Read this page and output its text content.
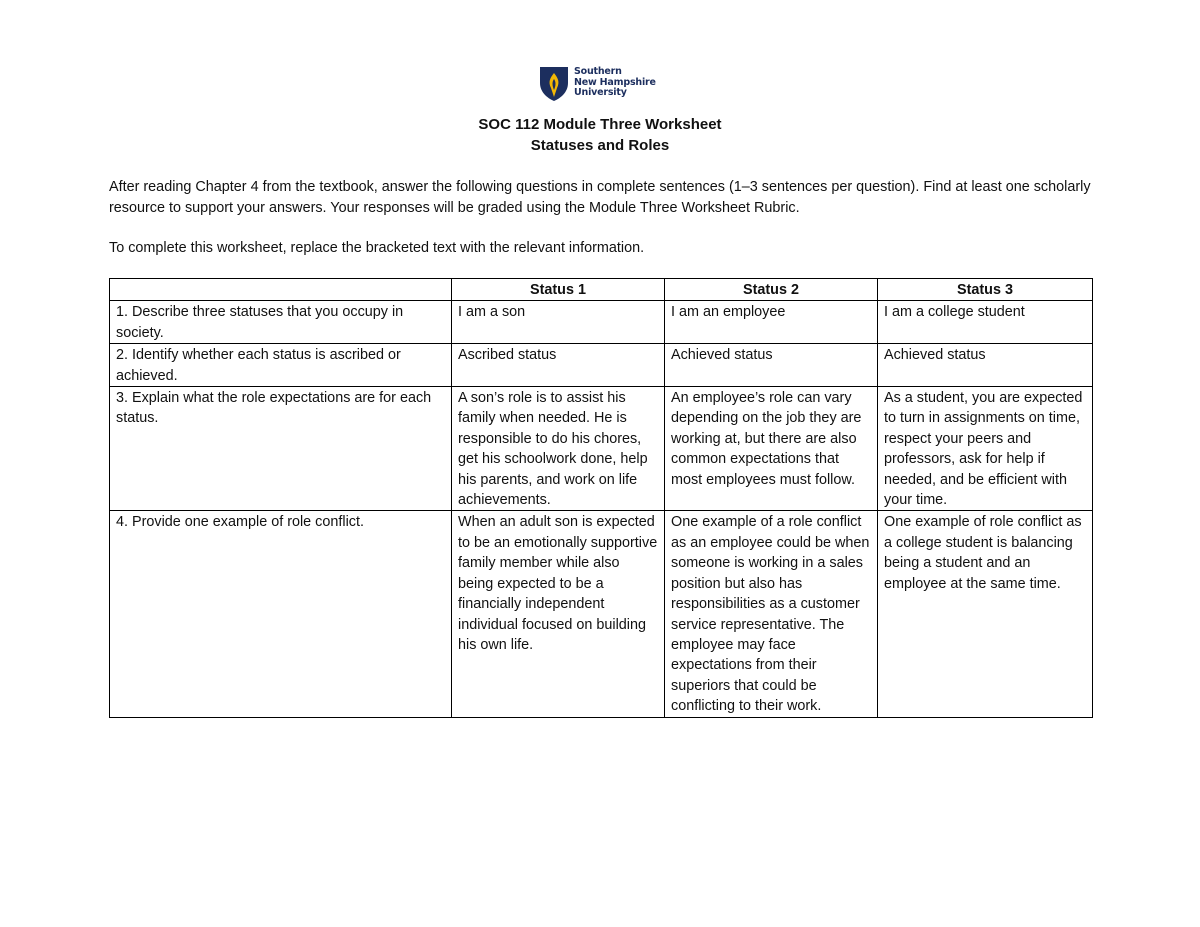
Southern
New Hampshire
University
SOC 112 Module Three Worksheet
Statuses and Roles

After reading Chapter 4 from the textbook, answer the following questions in complete sentences (1–3 sentences per question). Find at least one scholarly resource to support your answers. Your responses will be graded using the Module Three Worksheet Rubric.

To complete this worksheet, replace the bracketed text with the relevant information.

	Status 1	Status 2	Status 3
1. Describe three statuses that you occupy in society.	I am a son	I am an employee	I am a college student
2. Identify whether each status is ascribed or achieved.	Ascribed status	Achieved status	Achieved status
3. Explain what the role expectations are for each status.	A son’s role is to assist his family when needed. He is responsible to do his chores, get his schoolwork done, help his parents, and work on life achievements.	An employee’s role can vary depending on the job they are working at, but there are also common expectations that most employees must follow.	As a student, you are expected to turn in assignments on time, respect your peers and professors, ask for help if needed, and be efficient with your time.
4. Provide one example of role conflict.	When an adult son is expected to be an emotionally supportive family member while also being expected to be a financially independent individual focused on building his own life.	One example of a role conflict as an employee could be when someone is working in a sales position but also has responsibilities as a customer service representative. The employee may face expectations from their superiors that could be conflicting to their work.	One example of role conflict as a college student is balancing being a student and an employee at the same time.
